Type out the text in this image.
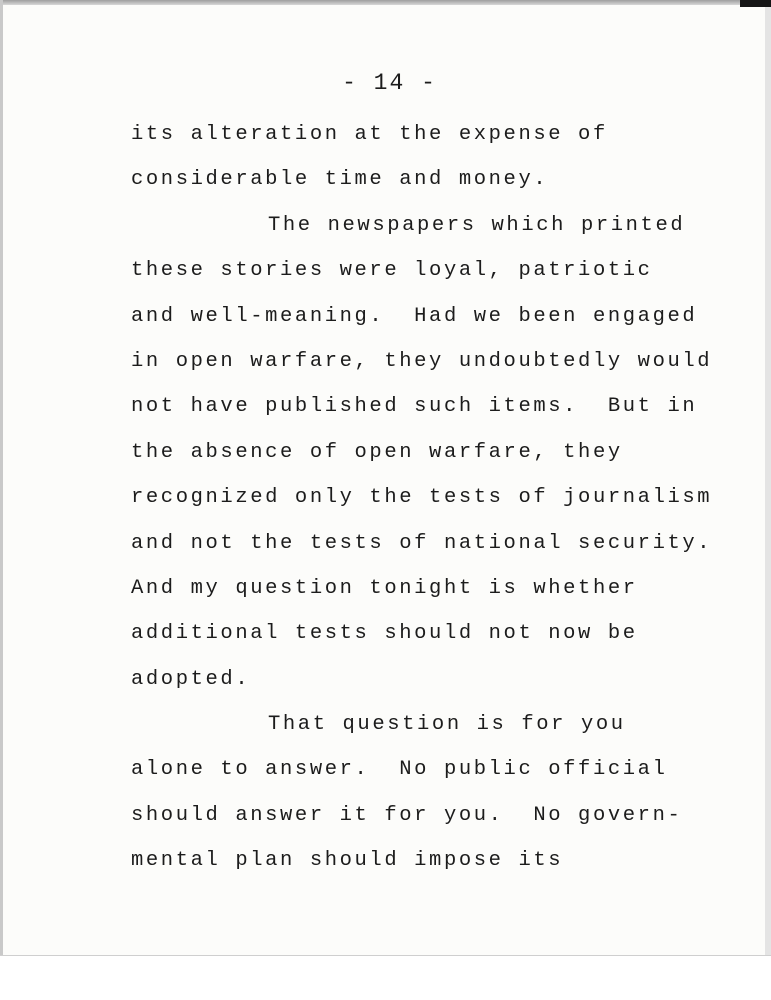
- 14 -
its alteration at the expense of
considerable time and money.
The newspapers which printed
these stories were loyal, patriotic
and well-meaning.  Had we been engaged
in open warfare, they undoubtedly would
not have published such items.  But in
the absence of open warfare, they
recognized only the tests of journalism
and not the tests of national security.
And my question tonight is whether
additional tests should not now be
adopted.
That question is for you
alone to answer.  No public official
should answer it for you.  No govern-
mental plan should impose its
